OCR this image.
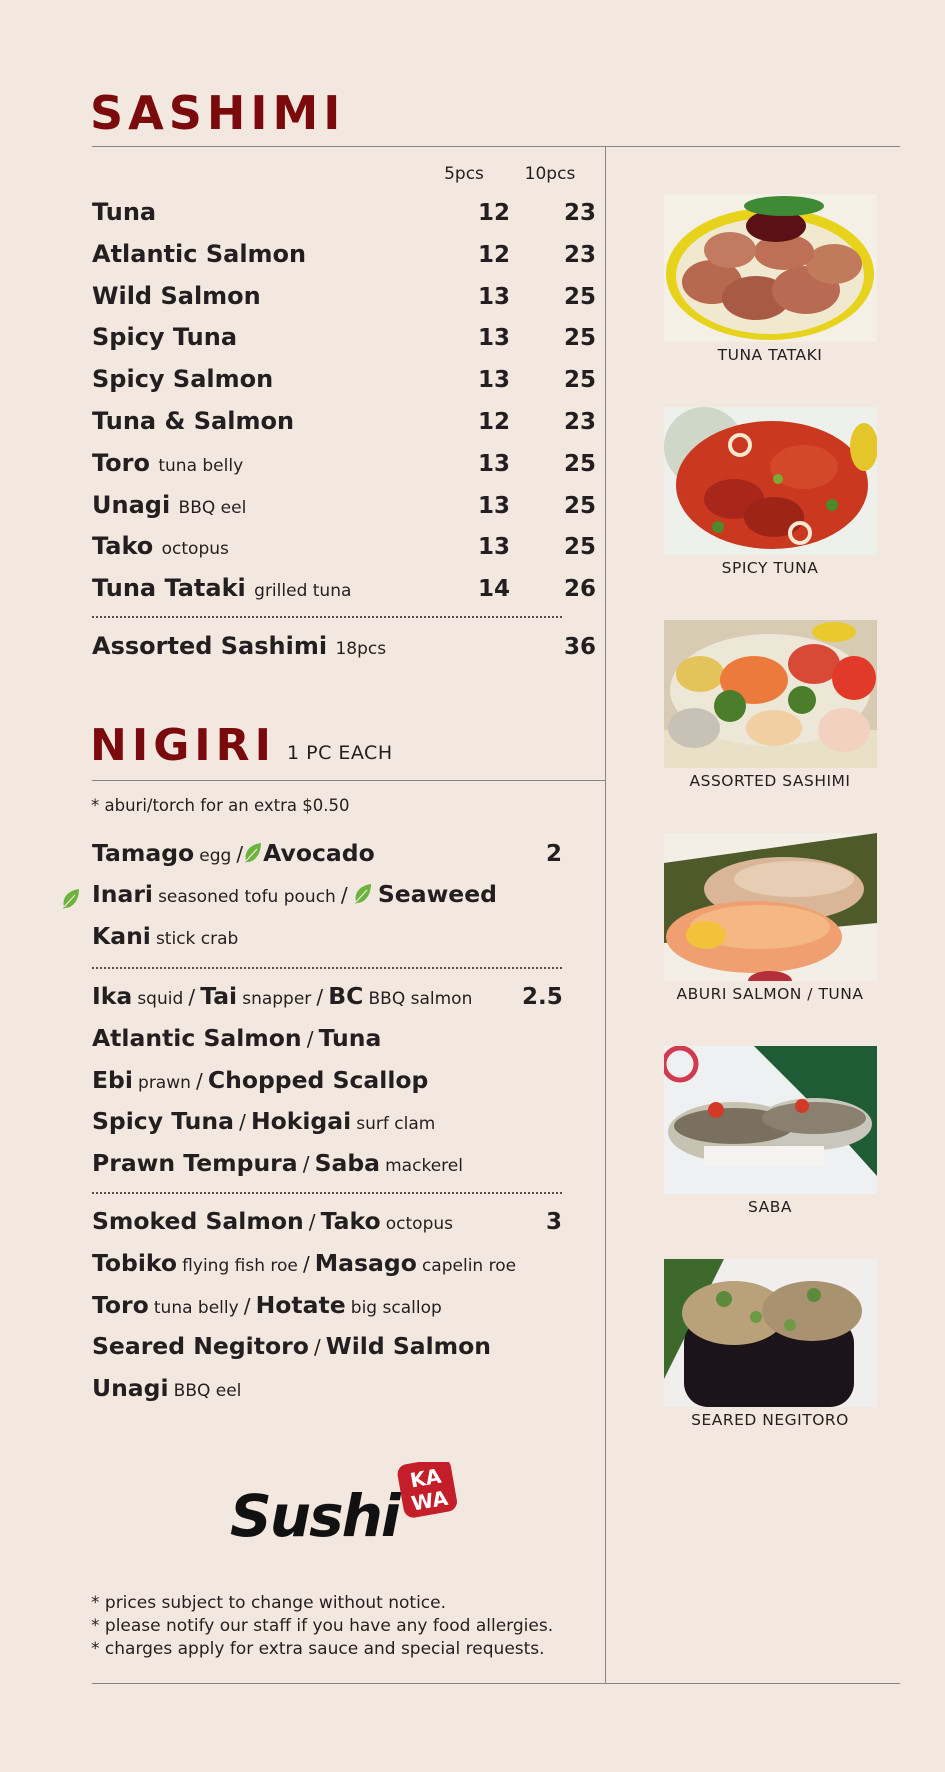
SASHIMI
5pcs	10pcs
Tuna	12	23
Atlantic Salmon	12	23
Wild Salmon	13	25
Spicy Tuna	13	25
Spicy Salmon	13	25
Tuna & Salmon	12	23
Toro tuna belly	13	25
Unagi BBQ eel	13	25
Tako octopus	13	25
Tuna Tataki grilled tuna	14	26
Assorted Sashimi 18pcs	36
NIGIRI 1 PC EACH
* aburi/torch for an extra $0.50
Tamago egg / Avocado	2
Inari seasoned tofu pouch / Seaweed
Kani stick crab
Ika squid / Tai snapper / BC BBQ salmon	2.5
Atlantic Salmon / Tuna
Ebi prawn / Chopped Scallop
Spicy Tuna / Hokigai surf clam
Prawn Tempura / Saba mackerel
Smoked Salmon / Tako octopus	3
Tobiko flying fish roe / Masago capelin roe
Toro tuna belly / Hotate big scallop
Seared Negitoro / Wild Salmon
Unagi BBQ eel
TUNA TATAKI
SPICY TUNA
ASSORTED SASHIMI
ABURI SALMON / TUNA
SABA
SEARED NEGITORO
Sushi
KA
WA
* prices subject to change without notice.
* please notify our staff if you have any food allergies.
* charges apply for extra sauce and special requests.
